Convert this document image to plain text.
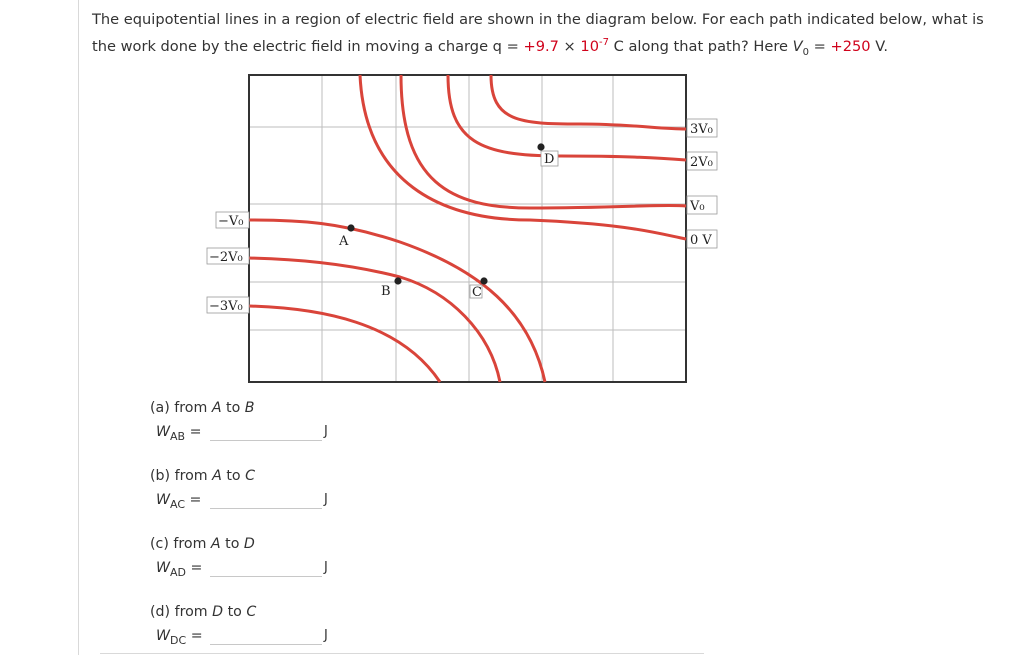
The equipotential lines in a region of electric field are shown in the diagram below. For each path indicated below, what is the work done by the electric field in moving a charge $q = +9.7 \times 10^{-7}$ C along that path? Here $V_0 = +250$ V.
A
B	C
D
3V₀
2V₀
V₀
0 V
−V₀
−2V₀
−3V₀
(a) from A to B
$W_{AB}$ =	J
(b) from A to C
$W_{AC}$ =	J
(c) from A to D
$W_{AD}$ =	J
(d) from D to C
$W_{DC}$ =	J
